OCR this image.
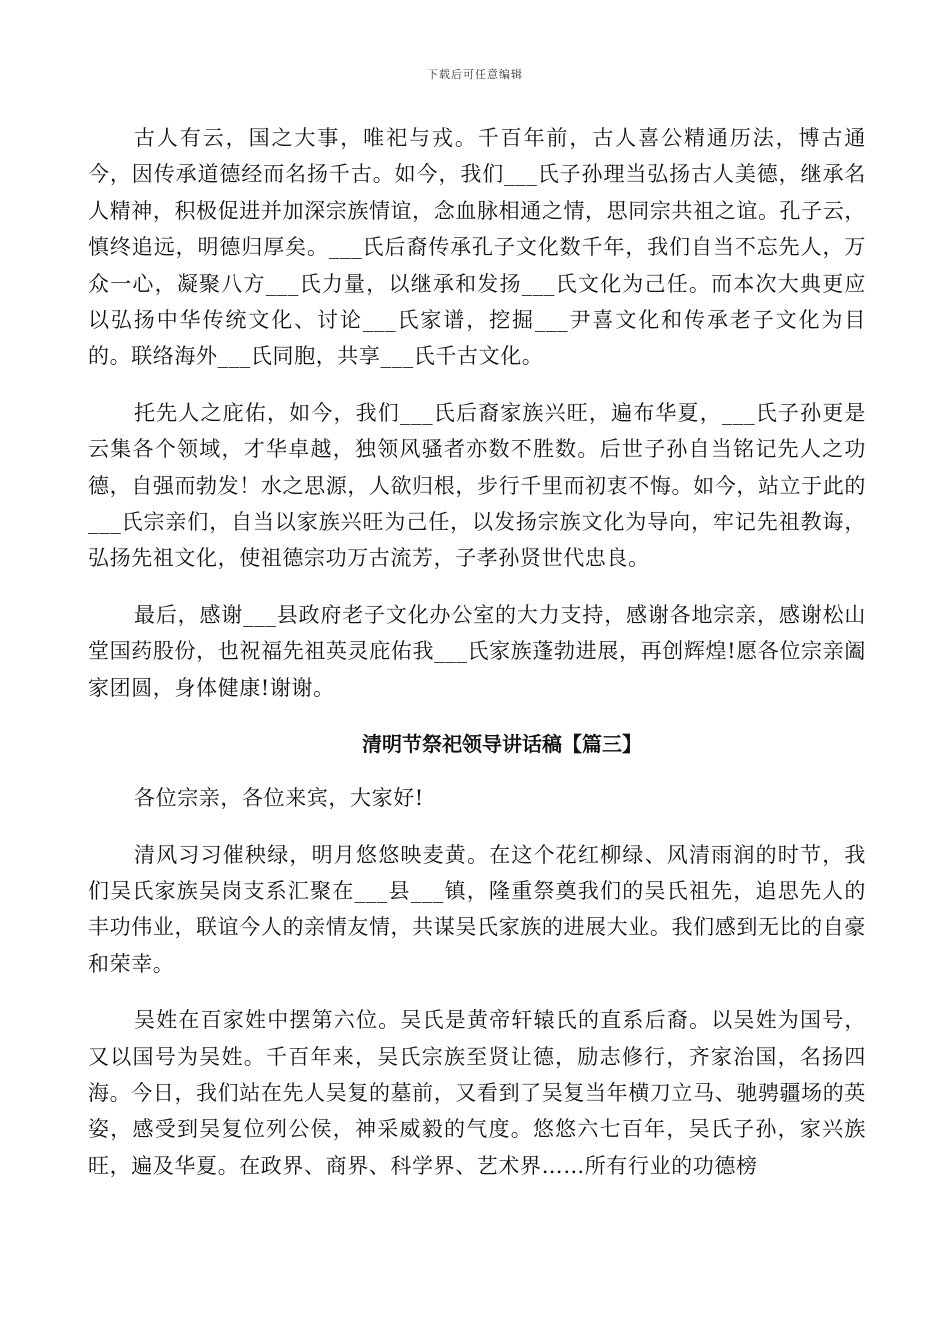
下载后可任意编辑

古人有云，国之大事，唯祀与戎。千百年前，古人喜公精通历法，博古通今，因传承道德经而名扬千古。如今，我们___氏子孙理当弘扬古人美德，继承名人精神，积极促进并加深宗族情谊，念血脉相通之情，思同宗共祖之谊。孔子云，慎终追远，明德归厚矣。___氏后裔传承孔子文化数千年，我们自当不忘先人，万众一心，凝聚八方___氏力量，以继承和发扬___氏文化为己任。而本次大典更应以弘扬中华传统文化、讨论___氏家谱，挖掘___尹喜文化和传承老子文化为目的。联络海外___氏同胞，共享___氏千古文化。

托先人之庇佑，如今，我们___氏后裔家族兴旺，遍布华夏，___氏子孙更是云集各个领域，才华卓越，独领风骚者亦数不胜数。后世子孙自当铭记先人之功德，自强而勃发！水之思源，人欲归根，步行千里而初衷不悔。如今，站立于此的___氏宗亲们，自当以家族兴旺为己任，以发扬宗族文化为导向，牢记先祖教诲，弘扬先祖文化，使祖德宗功万古流芳，子孝孙贤世代忠良。

最后，感谢___县政府老子文化办公室的大力支持，感谢各地宗亲，感谢松山堂国药股份，也祝福先祖英灵庇佑我___氏家族蓬勃进展，再创辉煌!愿各位宗亲阖家团圆，身体健康!谢谢。

清明节祭祀领导讲话稿【篇三】

各位宗亲，各位来宾，大家好!

清风习习催秧绿，明月悠悠映麦黄。在这个花红柳绿、风清雨润的时节，我们吴氏家族吴岗支系汇聚在___县___镇，隆重祭奠我们的吴氏祖先，追思先人的丰功伟业，联谊今人的亲情友情，共谋吴氏家族的进展大业。我们感到无比的自豪和荣幸。

吴姓在百家姓中摆第六位。吴氏是黄帝轩辕氏的直系后裔。以吴姓为国号，又以国号为吴姓。千百年来，吴氏宗族至贤让德，励志修行，齐家治国，名扬四海。今日，我们站在先人吴复的墓前，又看到了吴复当年横刀立马、驰骋疆场的英姿，感受到吴复位列公侯，神采威毅的气度。悠悠六七百年，吴氏子孙，家兴族旺，遍及华夏。在政界、商界、科学界、艺术界……所有行业的功德榜
